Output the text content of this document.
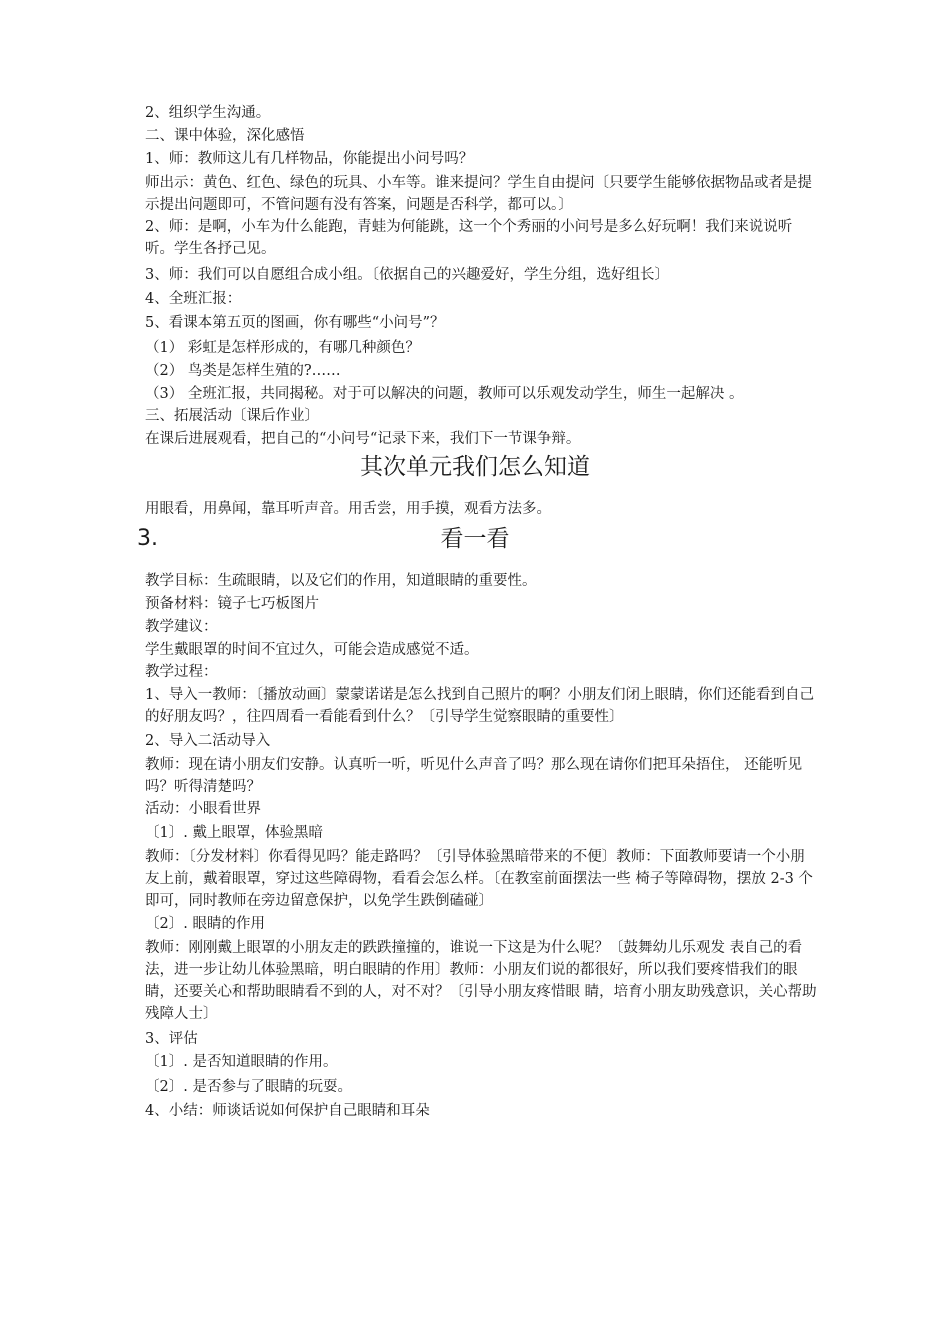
2、组织学生沟通。
二、课中体验，深化感悟
1、师：教师这儿有几样物品，你能提出小问号吗？
师出示：黄色、红色、绿色的玩具、小车等。谁来提问？学生自由提问〔只要学生能够依据物品或者是提示提出问题即可，不管问题有没有答案，问题是否科学，都可以。〕
2、师：是啊，小车为什么能跑，青蛙为何能跳，这一个个秀丽的小问号是多么好玩啊！我们来说说听听。学生各抒己见。
3、师：我们可以自愿组合成小组。〔依据自己的兴趣爱好，学生分组，选好组长〕
4、全班汇报：
5、看课本第五页的图画，你有哪些“小问号”？
（1） 彩虹是怎样形成的，有哪几种颜色？
（2） 鸟类是怎样生殖的?……
（3） 全班汇报，共同揭秘。对于可以解决的问题，教师可以乐观发动学生，师生一起解决 。
三、拓展活动〔课后作业〕
在课后进展观看，把自己的“小问号“记录下来，我们下一节课争辩。
其次单元我们怎么知道
用眼看，用鼻闻，靠耳听声音。用舌尝，用手摸，观看方法多。
3.	看一看
教学目标：生疏眼睛，以及它们的作用，知道眼睛的重要性。
预备材料：镜子七巧板图片
教学建议：
学生戴眼罩的时间不宜过久，可能会造成感觉不适。
教学过程：
1、导入一教师：〔播放动画〕蒙蒙诺诺是怎么找到自己照片的啊？小朋友们闭上眼睛，你们还能看到自己的好朋友吗？，往四周看一看能看到什么？〔引导学生觉察眼睛的重要性〕
2、导入二活动导入
教师：现在请小朋友们安静。认真听一听，听见什么声音了吗？那么现在请你们把耳朵捂住， 还能听见吗？听得清楚吗？
活动：小眼看世界
〔1〕. 戴上眼罩，体验黑暗
教师：〔分发材料〕你看得见吗？能走路吗？〔引导体验黑暗带来的不便〕教师：下面教师要请一个小朋友上前，戴着眼罩，穿过这些障碍物，看看会怎么样。〔在教室前面摆法一些 椅子等障碍物，摆放 2-3 个即可，同时教师在旁边留意保护，以免学生跌倒磕碰〕
〔2〕. 眼睛的作用
教师：刚刚戴上眼罩的小朋友走的跌跌撞撞的，谁说一下这是为什么呢？〔鼓舞幼儿乐观发 表自己的看法，进一步让幼儿体验黑暗，明白眼睛的作用〕教师：小朋友们说的都很好，所以我们要疼惜我们的眼睛，还要关心和帮助眼睛看不到的人，对不对？〔引导小朋友疼惜眼 睛，培育小朋友助残意识，关心帮助残障人士〕
3、评估
〔1〕. 是否知道眼睛的作用。
〔2〕. 是否参与了眼睛的玩耍。
4、小结：师谈话说如何保护自己眼睛和耳朵
